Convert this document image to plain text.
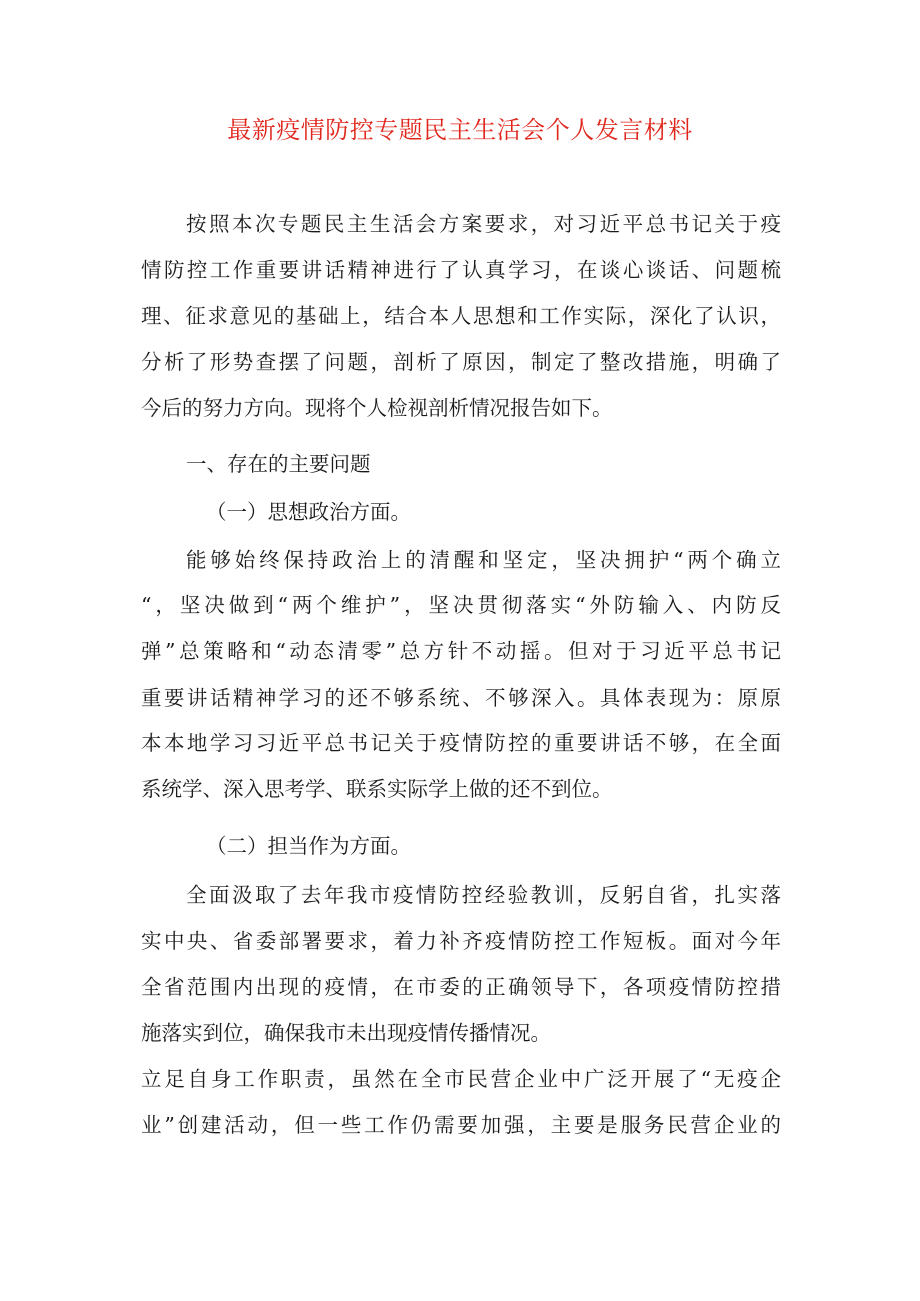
最新疫情防控专题民主生活会个人发言材料
按照本次专题民主生活会方案要求，对习近平总书记关于疫
情防控工作重要讲话精神进行了认真学习，在谈心谈话、问题梳
理、征求意见的基础上，结合本人思想和工作实际，深化了认识，
分析了形势查摆了问题，剖析了原因，制定了整改措施，明确了
今后的努力方向。现将个人检视剖析情况报告如下。
一、存在的主要问题
（一）思想政治方面。
能够始终保持政治上的清醒和坚定，坚决拥护“两个确立
“，坚决做到“两个维护”，坚决贯彻落实“外防输入、内防反
弹”总策略和“动态清零”总方针不动摇。但对于习近平总书记
重要讲话精神学习的还不够系统、不够深入。具体表现为：原原
本本地学习习近平总书记关于疫情防控的重要讲话不够，在全面
系统学、深入思考学、联系实际学上做的还不到位。
（二）担当作为方面。
全面汲取了去年我市疫情防控经验教训，反躬自省，扎实落
实中央、省委部署要求，着力补齐疫情防控工作短板。面对今年
全省范围内出现的疫情，在市委的正确领导下，各项疫情防控措
施落实到位，确保我市未出现疫情传播情况。
立足自身工作职责，虽然在全市民营企业中广泛开展了“无疫企
业”创建活动，但一些工作仍需要加强，主要是服务民营企业的
